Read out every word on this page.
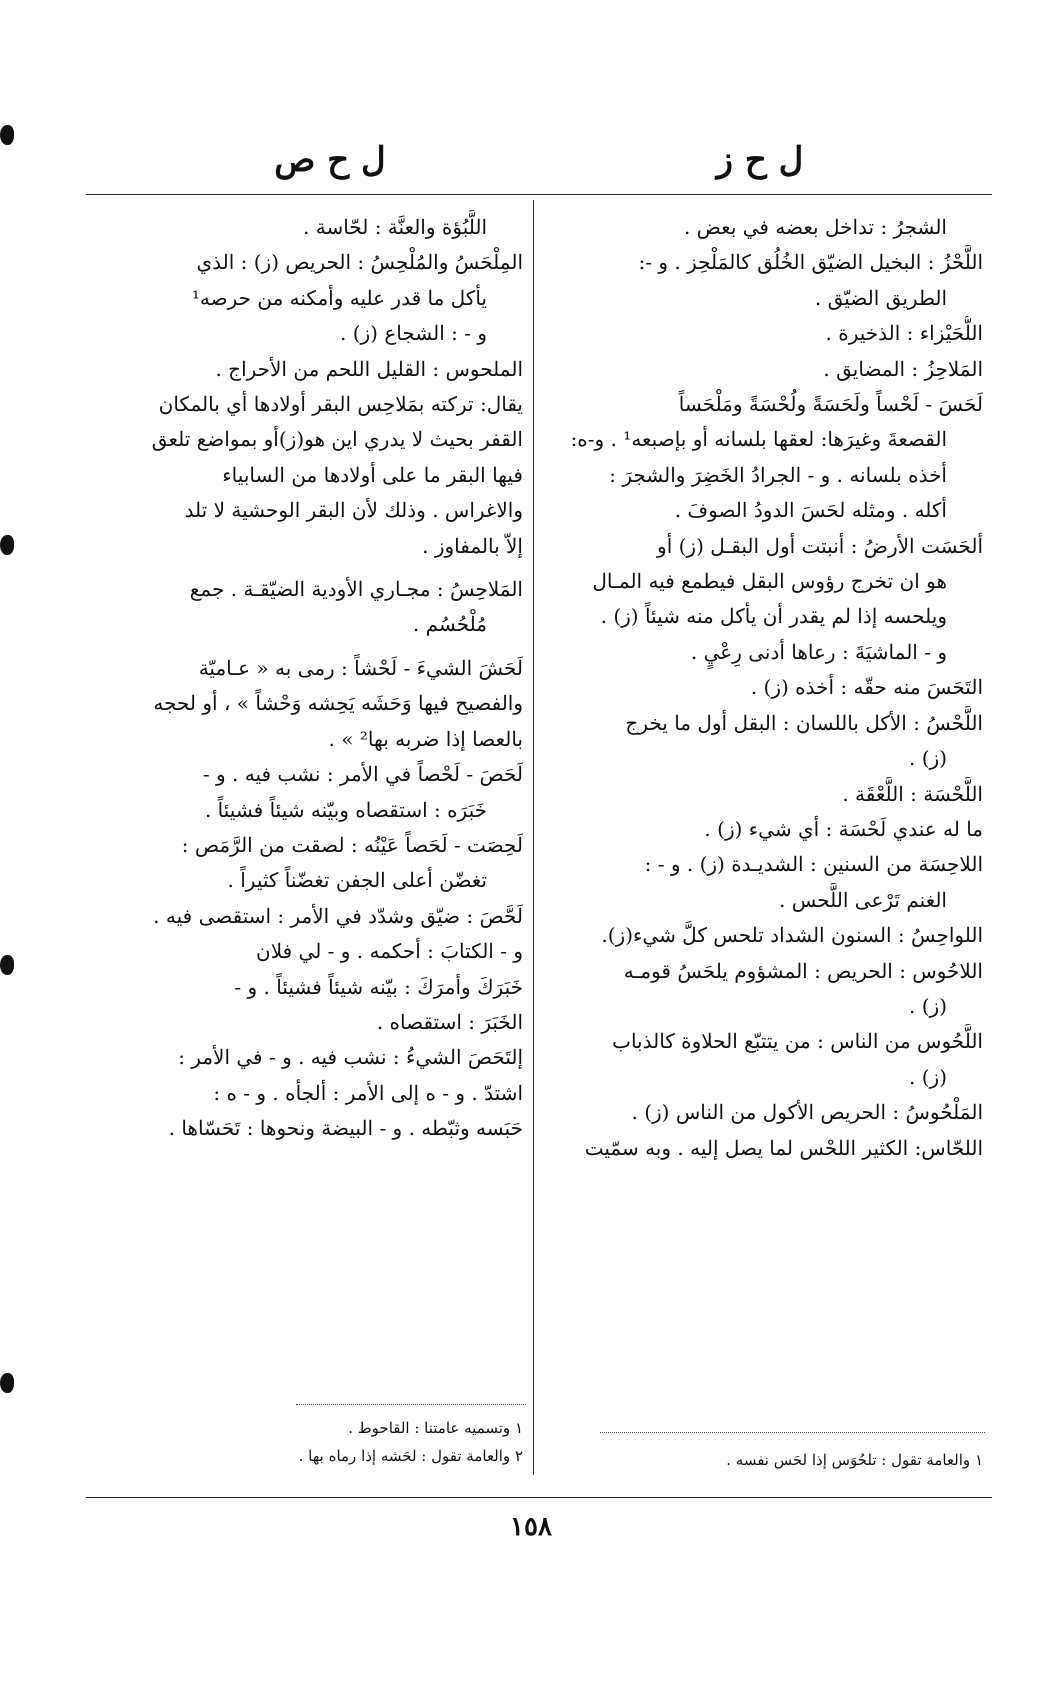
ل ح ز
ل ح ص
الشجرُ : تداخل بعضه في بعض .
اللَّحْزُ : البخيل الضيّق الخُلُق كالمَلْحِز . و -:
الطريق الضيّق .
اللُّحَيْزاء : الذخيرة .
المَلاحِزُ : المضايق .
لَحَسَ - لَحْساً ولَحَسَةً ولُحْسَةً ومَلْحَساً
القصعةَ وغيرَها: لعقها بلسانه أو بإصبعه¹ . و-ه:
أخذه بلسانه . و - الجرادُ الخَضِرَ والشجرَ :
أكله . ومثله لحَسَ الدودُ الصوفَ .
ألحَسَت الأرضُ : أنبتت أول البقـل (ز) أو
هو ان تخرج رؤوس البقل فيطمع فيه المـال
ويلحسه إذا لم يقدر أن يأكل منه شيئاً (ز) .
و - الماشيَةَ : رعاها أدنى رِعْيٍ .
التَحَسَ منه حقّه : أخذه (ز) .
اللَّحْسُ : الأكل باللسان : البقل أول ما يخرج
(ز) .
اللَّحْسَة : اللَّعْقَة .
ما له عندي لَحْسَة : أي شيء (ز) .
اللاحِسَة من السنين : الشديـدة (ز) . و - :
الغنم تَرْعى اللَّحس .
اللواحِسُ : السنون الشداد تلحس كلَّ شيء(ز).
اللاحُوس : الحريص : المشؤوم يلحَسُ قومـه
(ز) .
اللَّحُوس من الناس : من يتتبّع الحلاوة كالذباب
(ز) .
المَلْحُوسُ : الحريص الأكول من الناس (ز) .
اللحّاس: الكثير اللحْس لما يصل إليه . وبه سمّيت
اللَّبُؤة والعنَّة : لحّاسة .
المِلْحَسُ والمُلْحِسُ : الحريص (ز) : الذي
يأكل ما قدر عليه وأمكنه من حرصه¹
و - : الشجاع (ز) .
الملحوس : القليل اللحم من الأحراج .
يقال: تركته بمَلاحِس البقر أولادها أي بالمكان
القفر بحيث لا يدري اين هو(ز)أو بمواضع تلعق
فيها البقر ما على أولادها من السابياء
والاغراس . وذلك لأن البقر الوحشية لا تلد
إلاّ بالمفاوز .
المَلاحِسُ : مجـاري الأودية الضيّقـة . جمع
مُلْحُسُم .
لَحَشَ الشيءَ - لَحْشاً : رمى به « عـاميّة
والفصيح فيها وَحَشَه يَحِشه وَحْشاً » ، أو لحجه
بالعصا إذا ضربه بها² » .
لَحَصَ - لَحْصاً في الأمر : نشب فيه . و -
خَبَرَه : استقصاه وبيّنه شيئاً فشيئاً .
لَحِصَت - لَحَصاً عَيْنُه : لصقت من الرَّمَص :
تغضّن أعلى الجفن تغضّناً كثيراً .
لَحَّصَ : ضيّق وشدّد في الأمر : استقصى فيه .
و - الكتابَ : أحكمه . و - لي فلان
خَبَرَكَ وأمرَكَ : بيّنه شيئاً فشيئاً . و -
الخَبَرَ : استقصاه .
إلتَحَصَ الشيءُ : نشب فيه . و - في الأمر :
اشتدّ . و - ه إلى الأمر : ألجأه . و - ه :
حَبَسه وثبّطه . و - البيضة ونحوها : تَحَسّاها .
١ والعامة تقول : تلحُوَس إذا لحَس نفسه .
١ وتسميه عامتنا : القاحوط .
٢ والعامة تقول : لحَشه إذا رماه بها .
١٥٨
